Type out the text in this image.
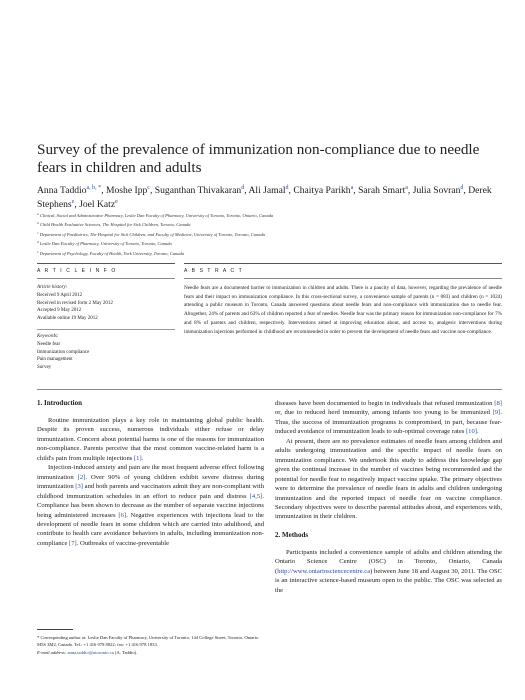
Survey of the prevalence of immunization non-compliance due to needle fears in children and adults
Anna Taddio$^{a, b, *}$, Moshe Ipp$^c$, Suganthan Thivakaran$^d$, Ali Jamal$^d$, Chaitya Parikh$^a$, Sarah Smart$^a$, Julia Sovran$^d$, Derek Stephens$^e$, Joel Katz$^e$
$^a$ Clinical, Social and Administrative Pharmacy, Leslie Dan Faculty of Pharmacy, University of Toronto, Toronto, Ontario, Canada
$^b$ Child Health Evaluative Sciences, The Hospital for Sick Children, Toronto, Canada
$^c$ Department of Paediatrics, The Hospital for Sick Children, and Faculty of Medicine, University of Toronto, Toronto, Canada
$^d$ Leslie Dan Faculty of Pharmacy, University of Toronto, Toronto, Canada
$^e$ Department of Psychology, Faculty of Health, York University, Toronto, Canada
A R T I C L E I N F O	A B S T R A C T
Article history:
Received 9 April 2012
Received in revised form 2 May 2012
Accepted 9 May 2012
Available online 19 May 2012
Keywords:
Needle fear
Immunization compliance
Pain management
Survey
Needle fears are a documented barrier to immunization in children and adults. There is a paucity of data, however, regarding the prevalence of needle fears and their impact on immunization compliance. In this cross-sectional survey, a convenience sample of parents (n = 883) and children (n = 1024) attending a public museum in Toronto, Canada answered questions about needle fears and non-compliance with immunization due to needle fear. Altogether, 24% of parents and 63% of children reported a fear of needles. Needle fear was the primary reason for immunization non-compliance for 7% and 8% of parents and children, respectively. Interventions aimed at improving education about, and access to, analgesic interventions during immunization injections performed in childhood are recommended in order to prevent the development of needle fears and vaccine non-compliance.

1. Introduction

Routine immunization plays a key role in maintaining global public health. Despite its proven success, numerous individuals either refuse or delay immunization. Concern about potential harms is one of the reasons for immunization non-compliance. Parents perceive that the most common vaccine-related harm is a child's pain from multiple injections [1].

Injection-induced anxiety and pain are the most frequent adverse effect following immunization [2]. Over 90% of young children exhibit severe distress during immunization [3] and both parents and vaccinators admit they are non-compliant with childhood immunization schedules in an effort to reduce pain and distress [4,5]. Compliance has been shown to decrease as the number of separate vaccine injections being administered increases [6]. Negative experiences with injections lead to the development of needle fears in some children which are carried into adulthood, and contribute to health care avoidance behaviors in adults, including immunization non-compliance [7]. Outbreaks of vaccine-preventable

diseases have been documented to begin in individuals that refused immunization [8] or, due to reduced herd immunity, among infants too young to be immunized [9]. Thus, the success of immunization programs is compromised, in part, because fear-induced avoidance of immunization leads to sub-optimal coverage rates [10].

At present, there are no prevalence estimates of needle fears among children and adults undergoing immunization and the specific impact of needle fears on immunization compliance. We undertook this study to address this knowledge gap given the continual increase in the number of vaccines being recommended and the potential for needle fear to negatively impact vaccine uptake. The primary objectives were to determine the prevalence of needle fears in adults and children undergoing immunization and the reported impact of needle fear on vaccine compliance. Secondary objectives were to describe parental attitudes about, and experiences with, immunization in their children.

2. Methods

Participants included a convenience sample of adults and children attending the Ontario Science Centre (OSC) in Toronto, Ontario, Canada (http://www.ontariosciencecentre.ca) between June 18 and August 30, 2011. The OSC is an interactive science-based museum open to the public. The OSC was selected as the

* Corresponding author at: Leslie Dan Faculty of Pharmacy, University of Toronto, 144 College Street, Toronto, Ontario M5S 3M2, Canada. Tel.: +1 416 978 8822; fax: +1 416 978 1833.
E-mail address: anna.taddio@utoronto.ca (A. Taddio).
